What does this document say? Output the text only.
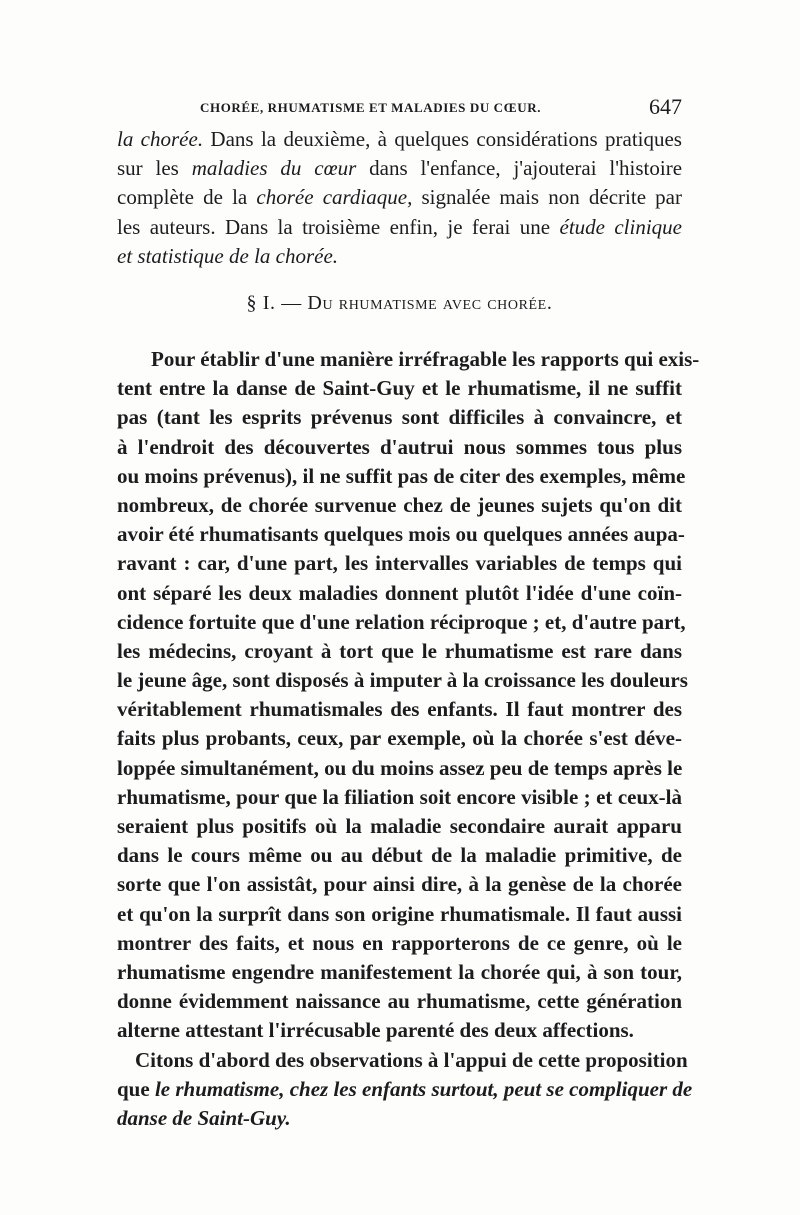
CHORÉE, RHUMATISME ET MALADIES DU CŒUR.	647
la chorée. Dans la deuxième, à quelques considérations pratiques
sur les maladies du cœur dans l'enfance, j'ajouterai l'histoire
complète de la chorée cardiaque, signalée mais non décrite par
les auteurs. Dans la troisième enfin, je ferai une étude clinique
et statistique de la chorée.
§ I. — Du rhumatisme avec chorée.
Pour établir d'une manière irréfragable les rapports qui exis-
tent entre la danse de Saint-Guy et le rhumatisme, il ne suffit
pas (tant les esprits prévenus sont difficiles à convaincre, et
à l'endroit des découvertes d'autrui nous sommes tous plus
ou moins prévenus), il ne suffit pas de citer des exemples, même
nombreux, de chorée survenue chez de jeunes sujets qu'on dit
avoir été rhumatisants quelques mois ou quelques années aupa-
ravant : car, d'une part, les intervalles variables de temps qui
ont séparé les deux maladies donnent plutôt l'idée d'une coïn-
cidence fortuite que d'une relation réciproque ; et, d'autre part,
les médecins, croyant à tort que le rhumatisme est rare dans
le jeune âge, sont disposés à imputer à la croissance les douleurs
véritablement rhumatismales des enfants. Il faut montrer des
faits plus probants, ceux, par exemple, où la chorée s'est déve-
loppée simultanément, ou du moins assez peu de temps après le
rhumatisme, pour que la filiation soit encore visible ; et ceux-là
seraient plus positifs où la maladie secondaire aurait apparu
dans le cours même ou au début de la maladie primitive, de
sorte que l'on assistât, pour ainsi dire, à la genèse de la chorée
et qu'on la surprît dans son origine rhumatismale. Il faut aussi
montrer des faits, et nous en rapporterons de ce genre, où le
rhumatisme engendre manifestement la chorée qui, à son tour,
donne évidemment naissance au rhumatisme, cette génération
alterne attestant l'irrécusable parenté des deux affections.
Citons d'abord des observations à l'appui de cette proposition
que le rhumatisme, chez les enfants surtout, peut se compliquer de
danse de Saint-Guy.
